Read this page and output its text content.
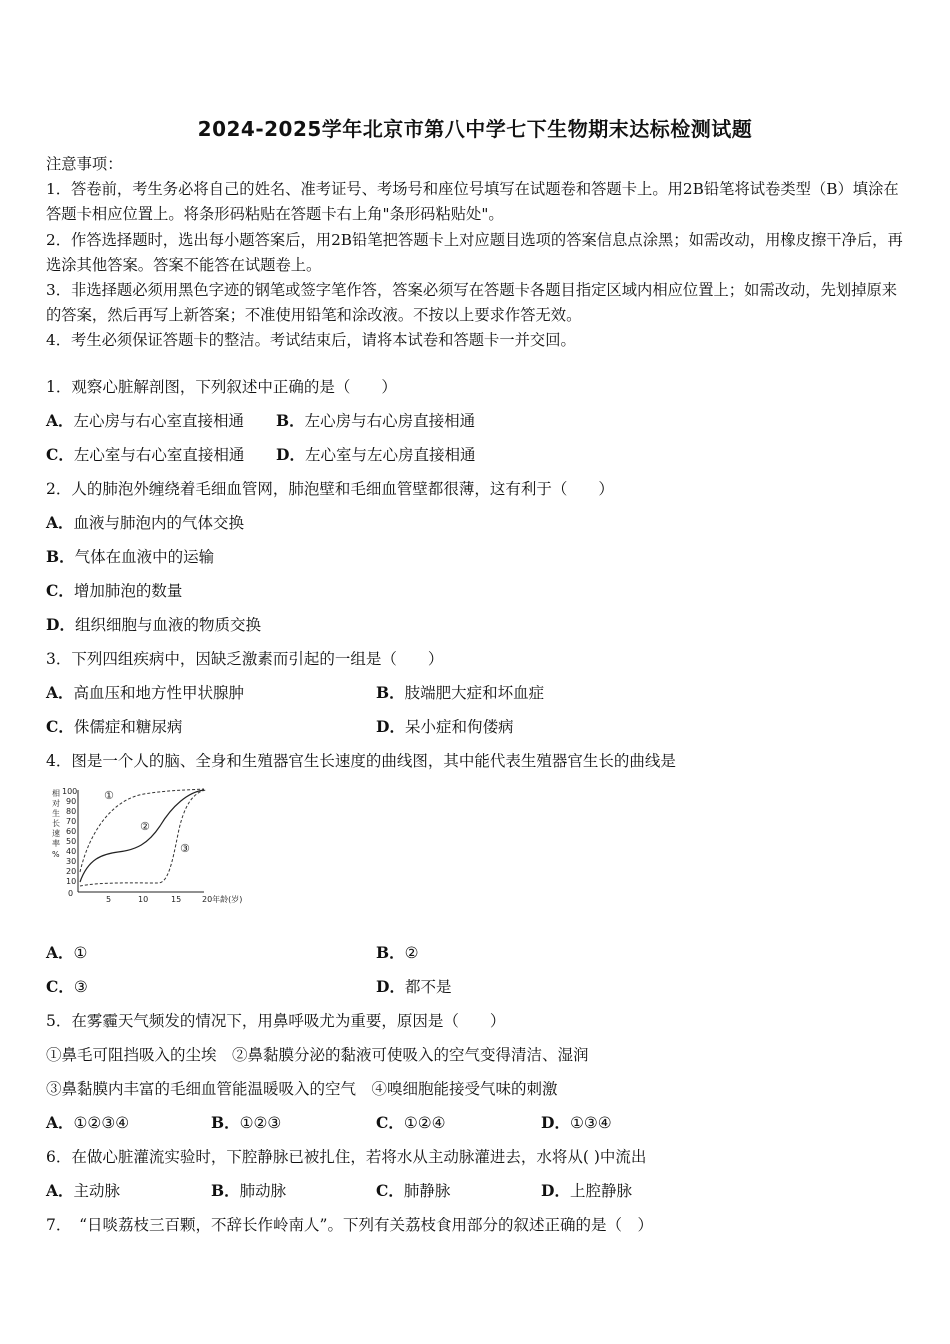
2024-2025学年北京市第八中学七下生物期末达标检测试题

注意事项：

1．答卷前，考生务必将自己的姓名、准考证号、考场号和座位号填写在试题卷和答题卡上。用2B铅笔将试卷类型（B）填涂在答题卡相应位置上。将条形码粘贴在答题卡右上角"条形码粘贴处"。

2．作答选择题时，选出每小题答案后，用2B铅笔把答题卡上对应题目选项的答案信息点涂黑；如需改动，用橡皮擦干净后，再选涂其他答案。答案不能答在试题卷上。

3．非选择题必须用黑色字迹的钢笔或签字笔作答，答案必须写在答题卡各题目指定区域内相应位置上；如需改动，先划掉原来的答案，然后再写上新答案；不准使用铅笔和涂改液。不按以上要求作答无效。

4．考生必须保证答题卡的整洁。考试结束后，请将本试卷和答题卡一并交回。

1．观察心脏解剖图，下列叙述中正确的是（　　）
A．左心房与右心室直接相通 B．左心房与右心房直接相通
C．左心室与右心室直接相通 D．左心室与左心房直接相通
2．人的肺泡外缠绕着毛细血管网，肺泡壁和毛细血管壁都很薄，这有利于（　　）
A．血液与肺泡内的气体交换
B．气体在血液中的运输
C．增加肺泡的数量
D．组织细胞与血液的物质交换
3．下列四组疾病中，因缺乏激素而引起的一组是（　　）
A．高血压和地方性甲状腺肿	B．肢端肥大症和坏血症
C．侏儒症和糖尿病	D．呆小症和佝偻病
4．图是一个人的脑、全身和生殖器官生长速度的曲线图，其中能代表生殖器官生长的曲线是
相
对
生
长
速
率
%
100
90
80
70
60
50
40
30
20
10
0
5	10	15	20年龄(岁)
①
②
③
A．①	B．②
C．③	D．都不是
5．在雾霾天气频发的情况下，用鼻呼吸尤为重要，原因是（　　）
①鼻毛可阻挡吸入的尘埃　②鼻黏膜分泌的黏液可使吸入的空气变得清洁、湿润
③鼻黏膜内丰富的毛细血管能温暖吸入的空气　④嗅细胞能接受气味的刺激
A．①②③④	B．①②③	C．①②④	D．①③④
6．在做心脏灌流实验时，下腔静脉已被扎住，若将水从主动脉灌进去，水将从( )中流出
A．主动脉	B．肺动脉	C．肺静脉	D．上腔静脉
7．　“日啖荔枝三百颗，不辞长作岭南人”。下列有关荔枝食用部分的叙述正确的是（　）
